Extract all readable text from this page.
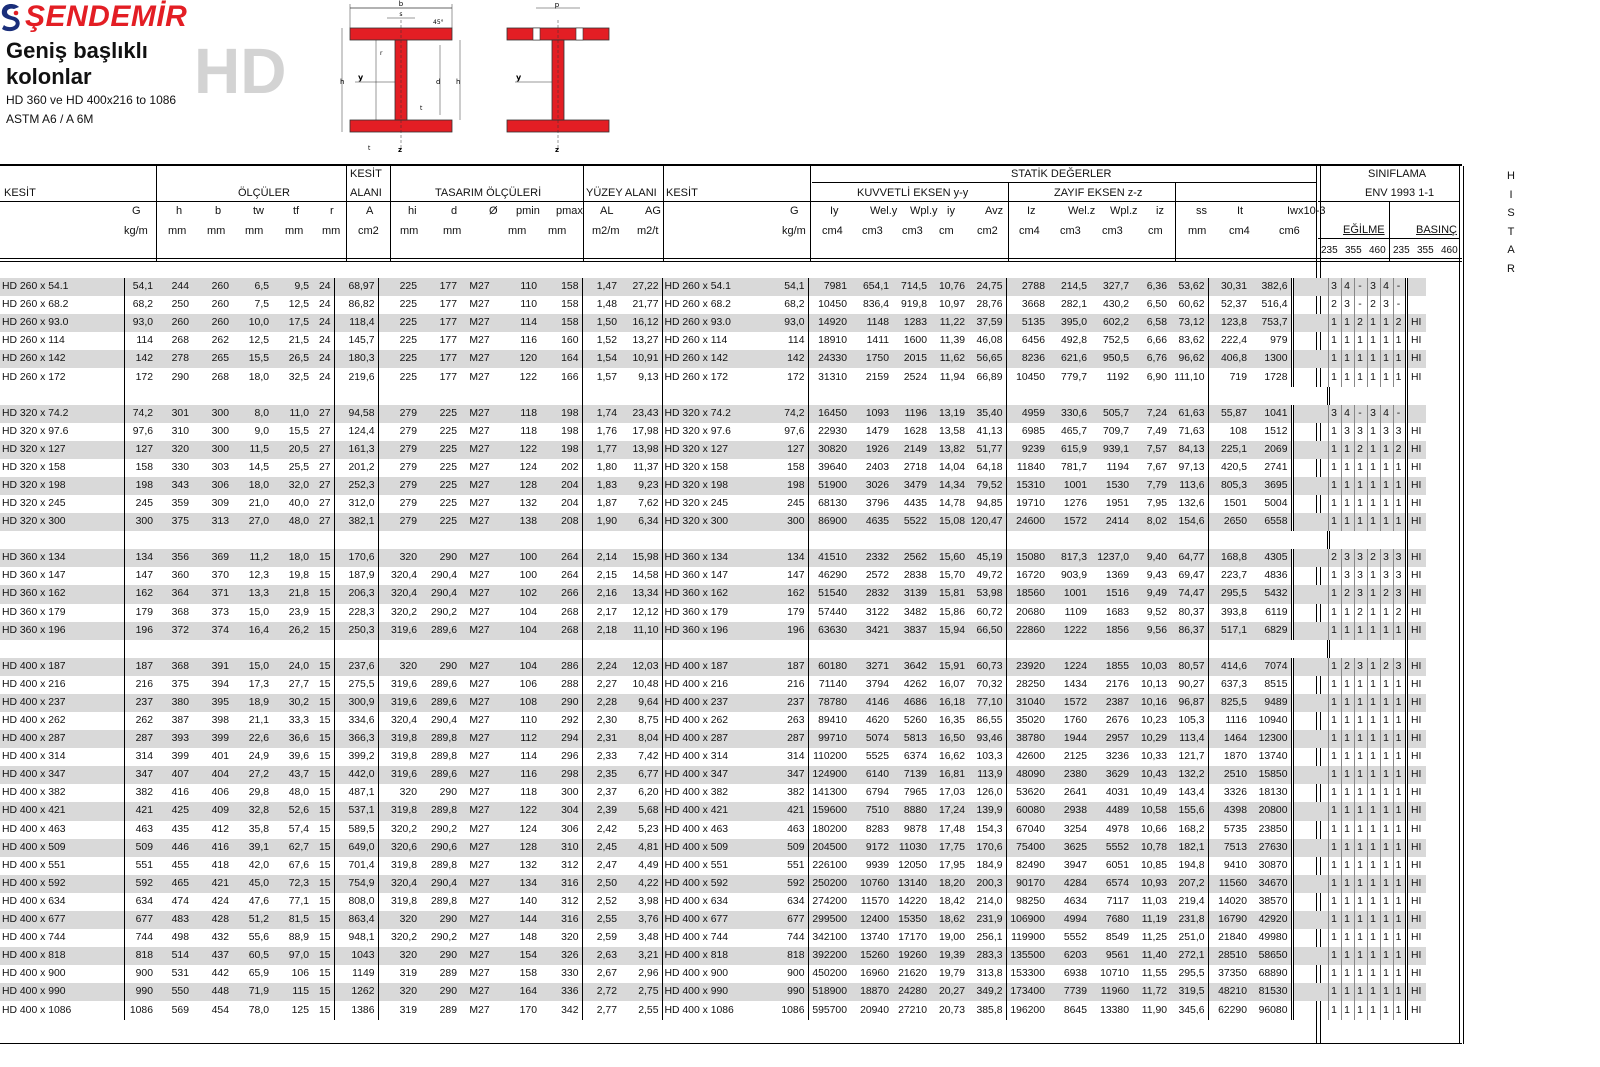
ŞENDEMİR
Geniş başlıklı
kolonlar	HD
HD 360 ve HD 400x216 to 1086
ASTM A6 / A 6M
b
s
45°
h	d h
y
z
t
t
r
p
y
z
KESİT	ÖLÇÜLER
KESİT
ALANI	TASARIM ÖLÇÜLERİ	YÜZEY ALANI KESİT
STATİK DEĞERLER
KUVVETLİ EKSEN y-y	ZAYIF EKSEN z-z
SINIFLAMA
ENV 1993 1-1
EĞİLME	BASINÇ
G	h	b	tw	tf	r	A	hi	d	Ø pmin pmax AL	AG	G	Iy	Wel.y Wpl.y iy	Avz Iz	Wel.z Wpl.z iz	ss	It	Iwx10-3
kg/m mm mm mm mm mm cm2 mm mm	mm mm m2/m m2/t	kg/m cm4 cm3 cm3 cm cm2 cm4 cm3 cm3 cm mm cm4	cm6
235 355 460 235 355 460
H
I
S
T
A
R
HD 260 x 54.1	54,1	244	260	6,5	9,5	24	68,97	225	177	M27	110	158	1,47	27,22	HD 260 x 54.1	54,1	7981	654,1	714,5	10,76	24,75	2788	214,5	327,7	6,36	53,62	30,31	382,6		3	4	-	3	4	-	
HD 260 x 68.2	68,2	250	260	7,5	12,5	24	86,82	225	177	M27	110	158	1,48	21,77	HD 260 x 68.2	68,2	10450	836,4	919,8	10,97	28,76	3668	282,1	430,2	6,50	60,62	52,37	516,4		2	3	-	2	3	-	
HD 260 x 93.0	93,0	260	260	10,0	17,5	24	118,4	225	177	M27	114	158	1,50	16,12	HD 260 x 93.0	93,0	14920	1148	1283	11,22	37,59	5135	395,0	602,2	6,58	73,12	123,8	753,7		1	1	2	1	1	2	HI
HD 260 x 114	114	268	262	12,5	21,5	24	145,7	225	177	M27	116	160	1,52	13,27	HD 260 x 114	114	18910	1411	1600	11,39	46,08	6456	492,8	752,5	6,66	83,62	222,4	979		1	1	1	1	1	1	HI
HD 260 x 142	142	278	265	15,5	26,5	24	180,3	225	177	M27	120	164	1,54	10,91	HD 260 x 142	142	24330	1750	2015	11,62	56,65	8236	621,6	950,5	6,76	96,62	406,8	1300		1	1	1	1	1	1	HI
HD 260 x 172	172	290	268	18,0	32,5	24	219,6	225	177	M27	122	166	1,57	9,13	HD 260 x 172	172	31310	2159	2524	11,94	66,89	10450	779,7	1192	6,90	111,10	719	1728		1	1	1	1	1	1	HI

HD 320 x 74.2	74,2	301	300	8,0	11,0	27	94,58	279	225	M27	118	198	1,74	23,43	HD 320 x 74.2	74,2	16450	1093	1196	13,19	35,40	4959	330,6	505,7	7,24	61,63	55,87	1041		3	4	-	3	4	-	
HD 320 x 97.6	97,6	310	300	9,0	15,5	27	124,4	279	225	M27	118	198	1,76	17,98	HD 320 x 97.6	97,6	22930	1479	1628	13,58	41,13	6985	465,7	709,7	7,49	71,63	108	1512		1	3	3	1	3	3	HI
HD 320 x 127	127	320	300	11,5	20,5	27	161,3	279	225	M27	122	198	1,77	13,98	HD 320 x 127	127	30820	1926	2149	13,82	51,77	9239	615,9	939,1	7,57	84,13	225,1	2069		1	1	2	1	1	2	HI
HD 320 x 158	158	330	303	14,5	25,5	27	201,2	279	225	M27	124	202	1,80	11,37	HD 320 x 158	158	39640	2403	2718	14,04	64,18	11840	781,7	1194	7,67	97,13	420,5	2741		1	1	1	1	1	1	HI
HD 320 x 198	198	343	306	18,0	32,0	27	252,3	279	225	M27	128	204	1,83	9,23	HD 320 x 198	198	51900	3026	3479	14,34	79,52	15310	1001	1530	7,79	113,6	805,3	3695		1	1	1	1	1	1	HI
HD 320 x 245	245	359	309	21,0	40,0	27	312,0	279	225	M27	132	204	1,87	7,62	HD 320 x 245	245	68130	3796	4435	14,78	94,85	19710	1276	1951	7,95	132,6	1501	5004		1	1	1	1	1	1	HI
HD 320 x 300	300	375	313	27,0	48,0	27	382,1	279	225	M27	138	208	1,90	6,34	HD 320 x 300	300	86900	4635	5522	15,08	120,47	24600	1572	2414	8,02	154,6	2650	6558		1	1	1	1	1	1	HI

HD 360 x 134	134	356	369	11,2	18,0	15	170,6	320	290	M27	100	264	2,14	15,98	HD 360 x 134	134	41510	2332	2562	15,60	45,19	15080	817,3	1237,0	9,40	64,77	168,8	4305		2	3	3	2	3	3	HI
HD 360 x 147	147	360	370	12,3	19,8	15	187,9	320,4	290,4	M27	100	264	2,15	14,58	HD 360 x 147	147	46290	2572	2838	15,70	49,72	16720	903,9	1369	9,43	69,47	223,7	4836		1	3	3	1	3	3	HI
HD 360 x 162	162	364	371	13,3	21,8	15	206,3	320,4	290,4	M27	102	266	2,16	13,34	HD 360 x 162	162	51540	2832	3139	15,81	53,98	18560	1001	1516	9,49	74,47	295,5	5432		1	2	3	1	2	3	HI
HD 360 x 179	179	368	373	15,0	23,9	15	228,3	320,2	290,2	M27	104	268	2,17	12,12	HD 360 x 179	179	57440	3122	3482	15,86	60,72	20680	1109	1683	9,52	80,37	393,8	6119		1	1	2	1	1	2	HI
HD 360 x 196	196	372	374	16,4	26,2	15	250,3	319,6	289,6	M27	104	268	2,18	11,10	HD 360 x 196	196	63630	3421	3837	15,94	66,50	22860	1222	1856	9,56	86,37	517,1	6829		1	1	1	1	1	1	HI

HD 400 x 187	187	368	391	15,0	24,0	15	237,6	320	290	M27	104	286	2,24	12,03	HD 400 x 187	187	60180	3271	3642	15,91	60,73	23920	1224	1855	10,03	80,57	414,6	7074		1	2	3	1	2	3	HI
HD 400 x 216	216	375	394	17,3	27,7	15	275,5	319,6	289,6	M27	106	288	2,27	10,48	HD 400 x 216	216	71140	3794	4262	16,07	70,32	28250	1434	2176	10,13	90,27	637,3	8515		1	1	1	1	1	1	HI
HD 400 x 237	237	380	395	18,9	30,2	15	300,9	319,6	289,6	M27	108	290	2,28	9,64	HD 400 x 237	237	78780	4146	4686	16,18	77,10	31040	1572	2387	10,16	96,87	825,5	9489		1	1	1	1	1	1	HI
HD 400 x 262	262	387	398	21,1	33,3	15	334,6	320,4	290,4	M27	110	292	2,30	8,75	HD 400 x 262	263	89410	4620	5260	16,35	86,55	35020	1760	2676	10,23	105,3	1116	10940		1	1	1	1	1	1	HI
HD 400 x 287	287	393	399	22,6	36,6	15	366,3	319,8	289,8	M27	112	294	2,31	8,04	HD 400 x 287	287	99710	5074	5813	16,50	93,46	38780	1944	2957	10,29	113,4	1464	12300		1	1	1	1	1	1	HI
HD 400 x 314	314	399	401	24,9	39,6	15	399,2	319,8	289,8	M27	114	296	2,33	7,42	HD 400 x 314	314	110200	5525	6374	16,62	103,3	42600	2125	3236	10,33	121,7	1870	13740		1	1	1	1	1	1	HI
HD 400 x 347	347	407	404	27,2	43,7	15	442,0	319,6	289,6	M27	116	298	2,35	6,77	HD 400 x 347	347	124900	6140	7139	16,81	113,9	48090	2380	3629	10,43	132,2	2510	15850		1	1	1	1	1	1	HI
HD 400 x 382	382	416	406	29,8	48,0	15	487,1	320	290	M27	118	300	2,37	6,20	HD 400 x 382	382	141300	6794	7965	17,03	126,0	53620	2641	4031	10,49	143,4	3326	18130		1	1	1	1	1	1	HI
HD 400 x 421	421	425	409	32,8	52,6	15	537,1	319,8	289,8	M27	122	304	2,39	5,68	HD 400 x 421	421	159600	7510	8880	17,24	139,9	60080	2938	4489	10,58	155,6	4398	20800		1	1	1	1	1	1	HI
HD 400 x 463	463	435	412	35,8	57,4	15	589,5	320,2	290,2	M27	124	306	2,42	5,23	HD 400 x 463	463	180200	8283	9878	17,48	154,3	67040	3254	4978	10,66	168,2	5735	23850		1	1	1	1	1	1	HI
HD 400 x 509	509	446	416	39,1	62,7	15	649,0	320,6	290,6	M27	128	310	2,45	4,81	HD 400 x 509	509	204500	9172	11030	17,75	170,6	75400	3625	5552	10,78	182,1	7513	27630		1	1	1	1	1	1	HI
HD 400 x 551	551	455	418	42,0	67,6	15	701,4	319,8	289,8	M27	132	312	2,47	4,49	HD 400 x 551	551	226100	9939	12050	17,95	184,9	82490	3947	6051	10,85	194,8	9410	30870		1	1	1	1	1	1	HI
HD 400 x 592	592	465	421	45,0	72,3	15	754,9	320,4	290,4	M27	134	316	2,50	4,22	HD 400 x 592	592	250200	10760	13140	18,20	200,3	90170	4284	6574	10,93	207,2	11560	34670		1	1	1	1	1	1	HI
HD 400 x 634	634	474	424	47,6	77,1	15	808,0	319,8	289,8	M27	140	312	2,52	3,98	HD 400 x 634	634	274200	11570	14220	18,42	214,0	98250	4634	7117	11,03	219,4	14020	38570		1	1	1	1	1	1	HI
HD 400 x 677	677	483	428	51,2	81,5	15	863,4	320	290	M27	144	316	2,55	3,76	HD 400 x 677	677	299500	12400	15350	18,62	231,9	106900	4994	7680	11,19	231,8	16790	42920		1	1	1	1	1	1	HI
HD 400 x 744	744	498	432	55,6	88,9	15	948,1	320,2	290,2	M27	148	320	2,59	3,48	HD 400 x 744	744	342100	13740	17170	19,00	256,1	119900	5552	8549	11,25	251,0	21840	49980		1	1	1	1	1	1	HI
HD 400 x 818	818	514	437	60,5	97,0	15	1043	320	290	M27	154	326	2,63	3,21	HD 400 x 818	818	392200	15260	19260	19,39	283,3	135500	6203	9561	11,40	272,1	28510	58650		1	1	1	1	1	1	HI
HD 400 x 900	900	531	442	65,9	106	15	1149	319	289	M27	158	330	2,67	2,96	HD 400 x 900	900	450200	16960	21620	19,79	313,8	153300	6938	10710	11,55	295,5	37350	68890		1	1	1	1	1	1	HI
HD 400 x 990	990	550	448	71,9	115	15	1262	320	290	M27	164	336	2,72	2,75	HD 400 x 990	990	518900	18870	24280	20,27	349,2	173400	7739	11960	11,72	319,5	48210	81530		1	1	1	1	1	1	HI
HD 400 x 1086	1086	569	454	78,0	125	15	1386	319	289	M27	170	342	2,77	2,55	HD 400 x 1086	1086	595700	20940	27210	20,73	385,8	196200	8645	13380	11,90	345,6	62290	96080		1	1	1	1	1	1	HI
